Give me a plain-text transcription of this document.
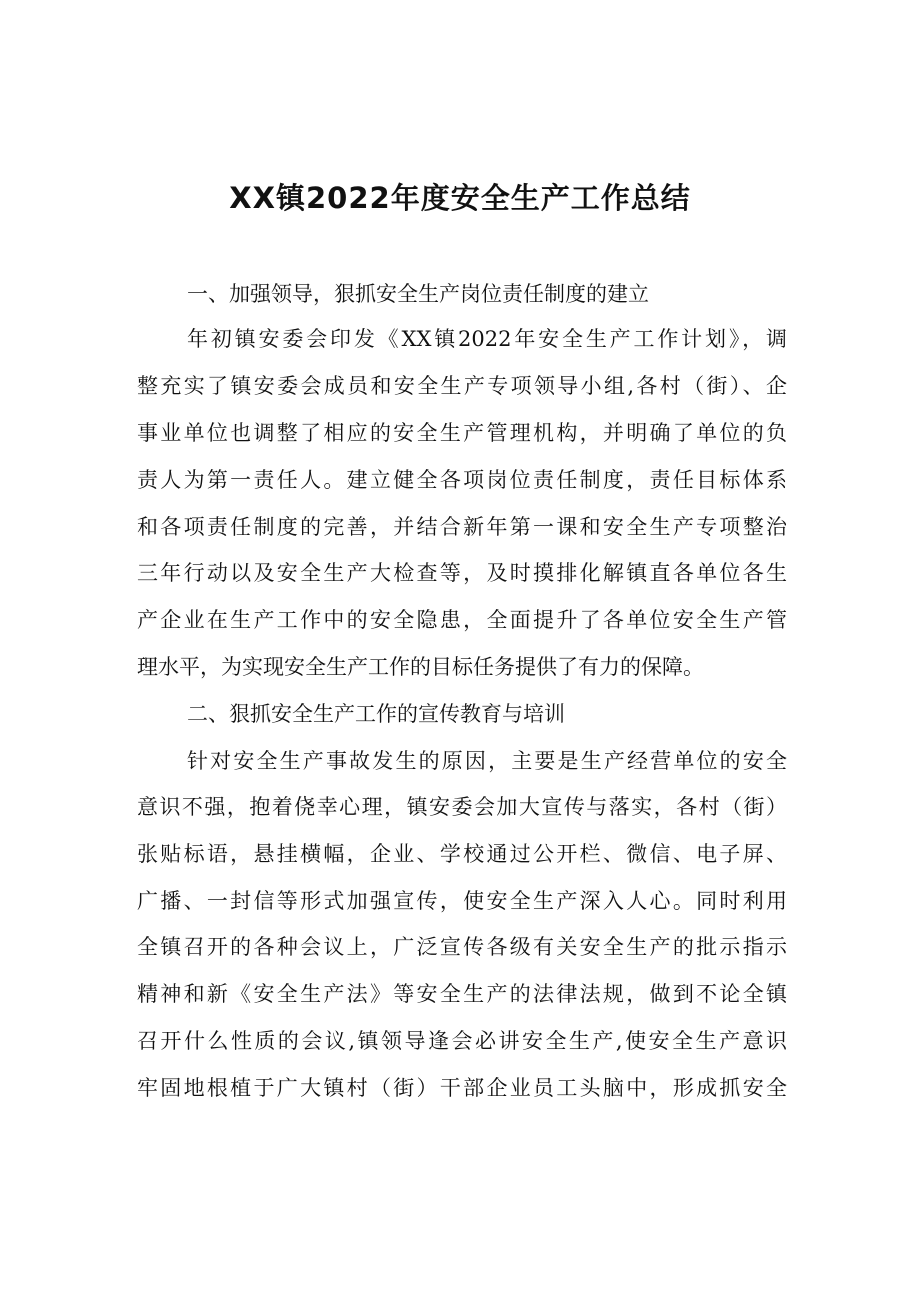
XX镇2022年度安全生产工作总结
一、加强领导，狠抓安全生产岗位责任制度的建立
年初镇安委会印发《XX镇2022年安全生产工作计划》，调
整充实了镇安委会成员和安全生产专项领导小组,各村（街）、企
事业单位也调整了相应的安全生产管理机构，并明确了单位的负
责人为第一责任人。建立健全各项岗位责任制度，责任目标体系
和各项责任制度的完善，并结合新年第一课和安全生产专项整治
三年行动以及安全生产大检查等，及时摸排化解镇直各单位各生
产企业在生产工作中的安全隐患，全面提升了各单位安全生产管
理水平，为实现安全生产工作的目标任务提供了有力的保障。
二、狠抓安全生产工作的宣传教育与培训
针对安全生产事故发生的原因，主要是生产经营单位的安全
意识不强，抱着侥幸心理，镇安委会加大宣传与落实，各村（街）
张贴标语，悬挂横幅，企业、学校通过公开栏、微信、电子屏、
广播、一封信等形式加强宣传，使安全生产深入人心。同时利用
全镇召开的各种会议上，广泛宣传各级有关安全生产的批示指示
精神和新《安全生产法》等安全生产的法律法规，做到不论全镇
召开什么性质的会议,镇领导逢会必讲安全生产,使安全生产意识
牢固地根植于广大镇村（街）干部企业员工头脑中，形成抓安全
